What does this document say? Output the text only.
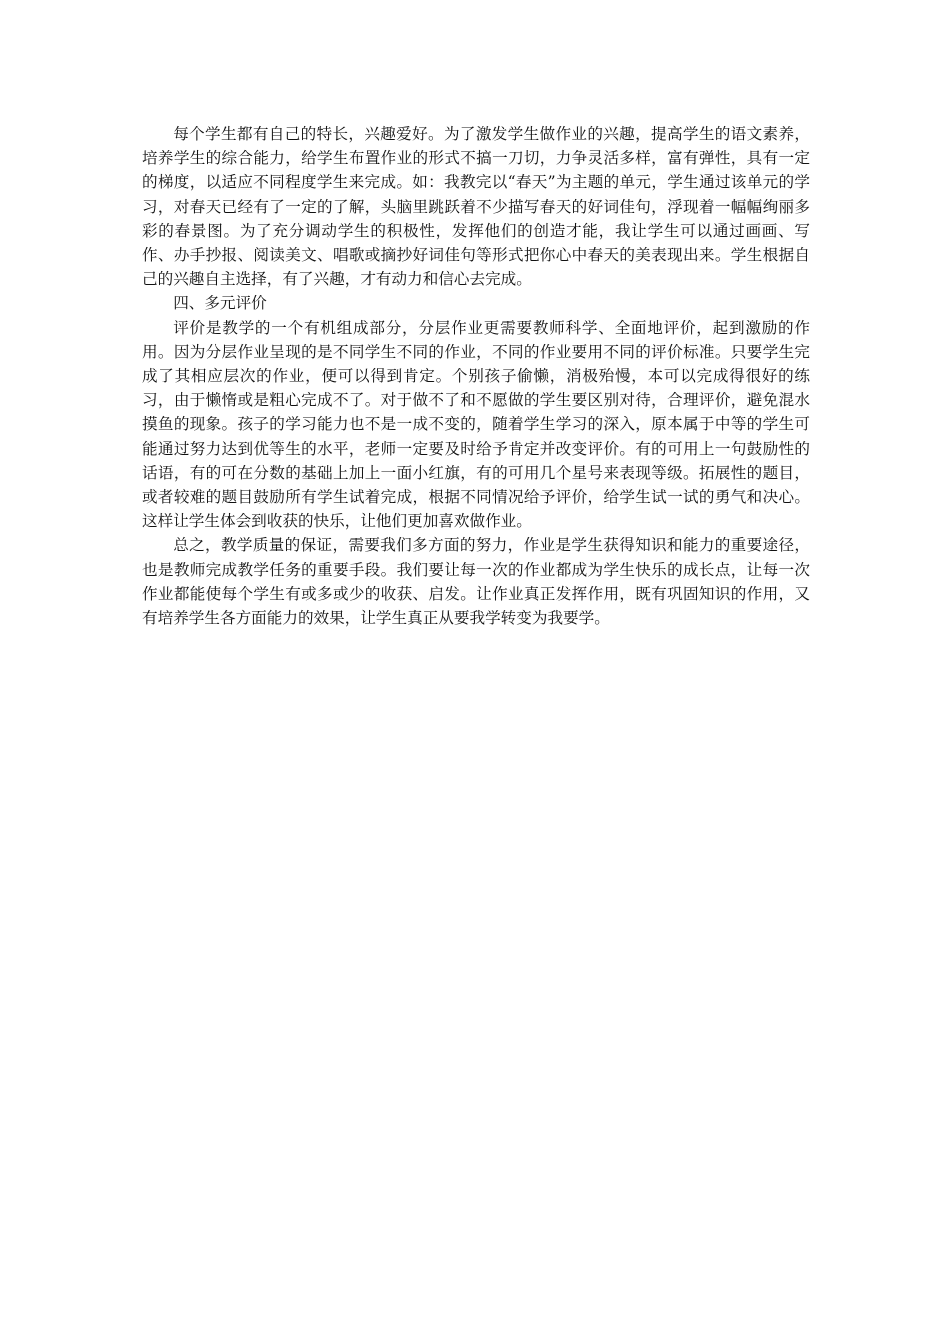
每个学生都有自己的特长，兴趣爱好。为了激发学生做作业的兴趣，提高学生的语文素养，培养学生的综合能力，给学生布置作业的形式不搞一刀切，力争灵活多样，富有弹性，具有一定的梯度，以适应不同程度学生来完成。如：我教完以“春天”为主题的单元，学生通过该单元的学习，对春天已经有了一定的了解，头脑里跳跃着不少描写春天的好词佳句，浮现着一幅幅绚丽多彩的春景图。为了充分调动学生的积极性，发挥他们的创造才能，我让学生可以通过画画、写作、办手抄报、阅读美文、唱歌或摘抄好词佳句等形式把你心中春天的美表现出来。学生根据自己的兴趣自主选择，有了兴趣，才有动力和信心去完成。

四、多元评价

评价是教学的一个有机组成部分，分层作业更需要教师科学、全面地评价，起到激励的作用。因为分层作业呈现的是不同学生不同的作业，不同的作业要用不同的评价标准。只要学生完成了其相应层次的作业，便可以得到肯定。个别孩子偷懒，消极殆慢，本可以完成得很好的练习，由于懒惰或是粗心完成不了。对于做不了和不愿做的学生要区别对待，合理评价，避免混水摸鱼的现象。孩子的学习能力也不是一成不变的，随着学生学习的深入，原本属于中等的学生可能通过努力达到优等生的水平，老师一定要及时给予肯定并改变评价。有的可用上一句鼓励性的话语，有的可在分数的基础上加上一面小红旗，有的可用几个星号来表现等级。拓展性的题目，或者较难的题目鼓励所有学生试着完成，根据不同情况给予评价，给学生试一试的勇气和决心。这样让学生体会到收获的快乐，让他们更加喜欢做作业。

总之，教学质量的保证，需要我们多方面的努力，作业是学生获得知识和能力的重要途径，也是教师完成教学任务的重要手段。我们要让每一次的作业都成为学生快乐的成长点，让每一次作业都能使每个学生有或多或少的收获、启发。让作业真正发挥作用，既有巩固知识的作用，又有培养学生各方面能力的效果，让学生真正从要我学转变为我要学。
